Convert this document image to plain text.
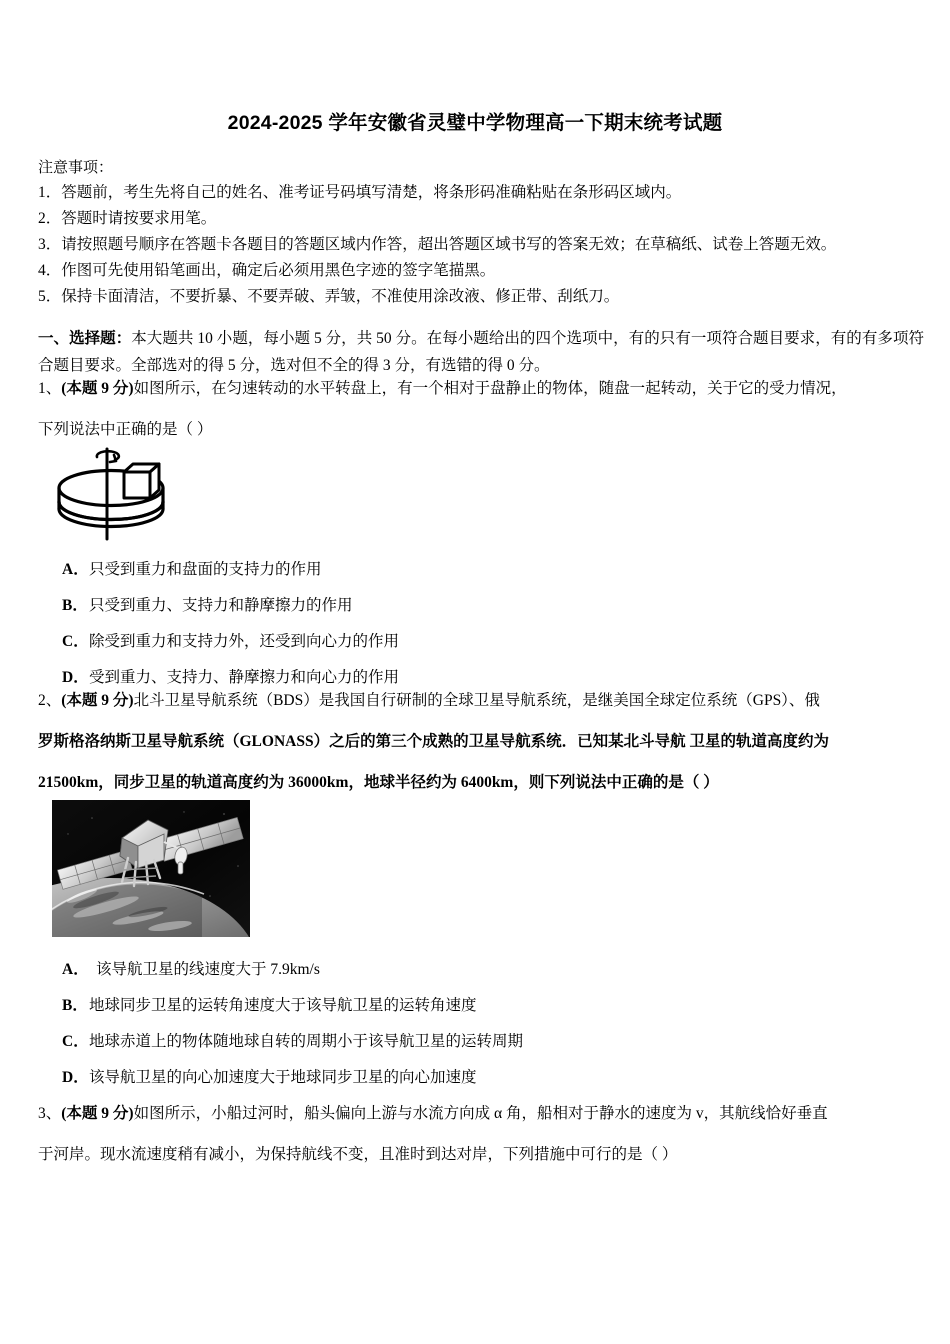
2024-2025 学年安徽省灵璧中学物理高一下期末统考试题
注意事项：
1．答题前，考生先将自己的姓名、准考证号码填写清楚，将条形码准确粘贴在条形码区域内。
2．答题时请按要求用笔。
3．请按照题号顺序在答题卡各题目的答题区域内作答，超出答题区域书写的答案无效；在草稿纸、试卷上答题无效。
4．作图可先使用铅笔画出，确定后必须用黑色字迹的签字笔描黑。
5．保持卡面清洁，不要折暴、不要弄破、弄皱，不准使用涂改液、修正带、刮纸刀。
一、选择题：本大题共 10 小题，每小题 5 分，共 50 分。在每小题给出的四个选项中，有的只有一项符合题目要求，有的有多项符合题目要求。全部选对的得 5 分，选对但不全的得 3 分，有选错的得 0 分。
1、(本题 9 分)如图所示，在匀速转动的水平转盘上，有一个相对于盘静止的物体，随盘一起转动，关于它的受力情况，
下列说法中正确的是（ ）
A．只受到重力和盘面的支持力的作用
B．只受到重力、支持力和静摩擦力的作用
C．除受到重力和支持力外，还受到向心力的作用
D．受到重力、支持力、静摩擦力和向心力的作用
2、(本题 9 分)北斗卫星导航系统（BDS）是我国自行研制的全球卫星导航系统，是继美国全球定位系统（GPS）、俄
罗斯格洛纳斯卫星导航系统（GLONASS）之后的第三个成熟的卫星导航系统．已知某北斗导航 卫星的轨道高度约为
21500km，同步卫星的轨道高度约为 36000km，地球半径约为 6400km，则下列说法中正确的是（ ）
A． 该导航卫星的线速度大于 7.9km/s
B．地球同步卫星的运转角速度大于该导航卫星的运转角速度
C．地球赤道上的物体随地球自转的周期小于该导航卫星的运转周期
D．该导航卫星的向心加速度大于地球同步卫星的向心加速度
3、(本题 9 分)如图所示，小船过河时，船头偏向上游与水流方向成 α 角，船相对于静水的速度为 v，其航线恰好垂直
于河岸。现水流速度稍有减小，为保持航线不变，且准时到达对岸，下列措施中可行的是（ ）
